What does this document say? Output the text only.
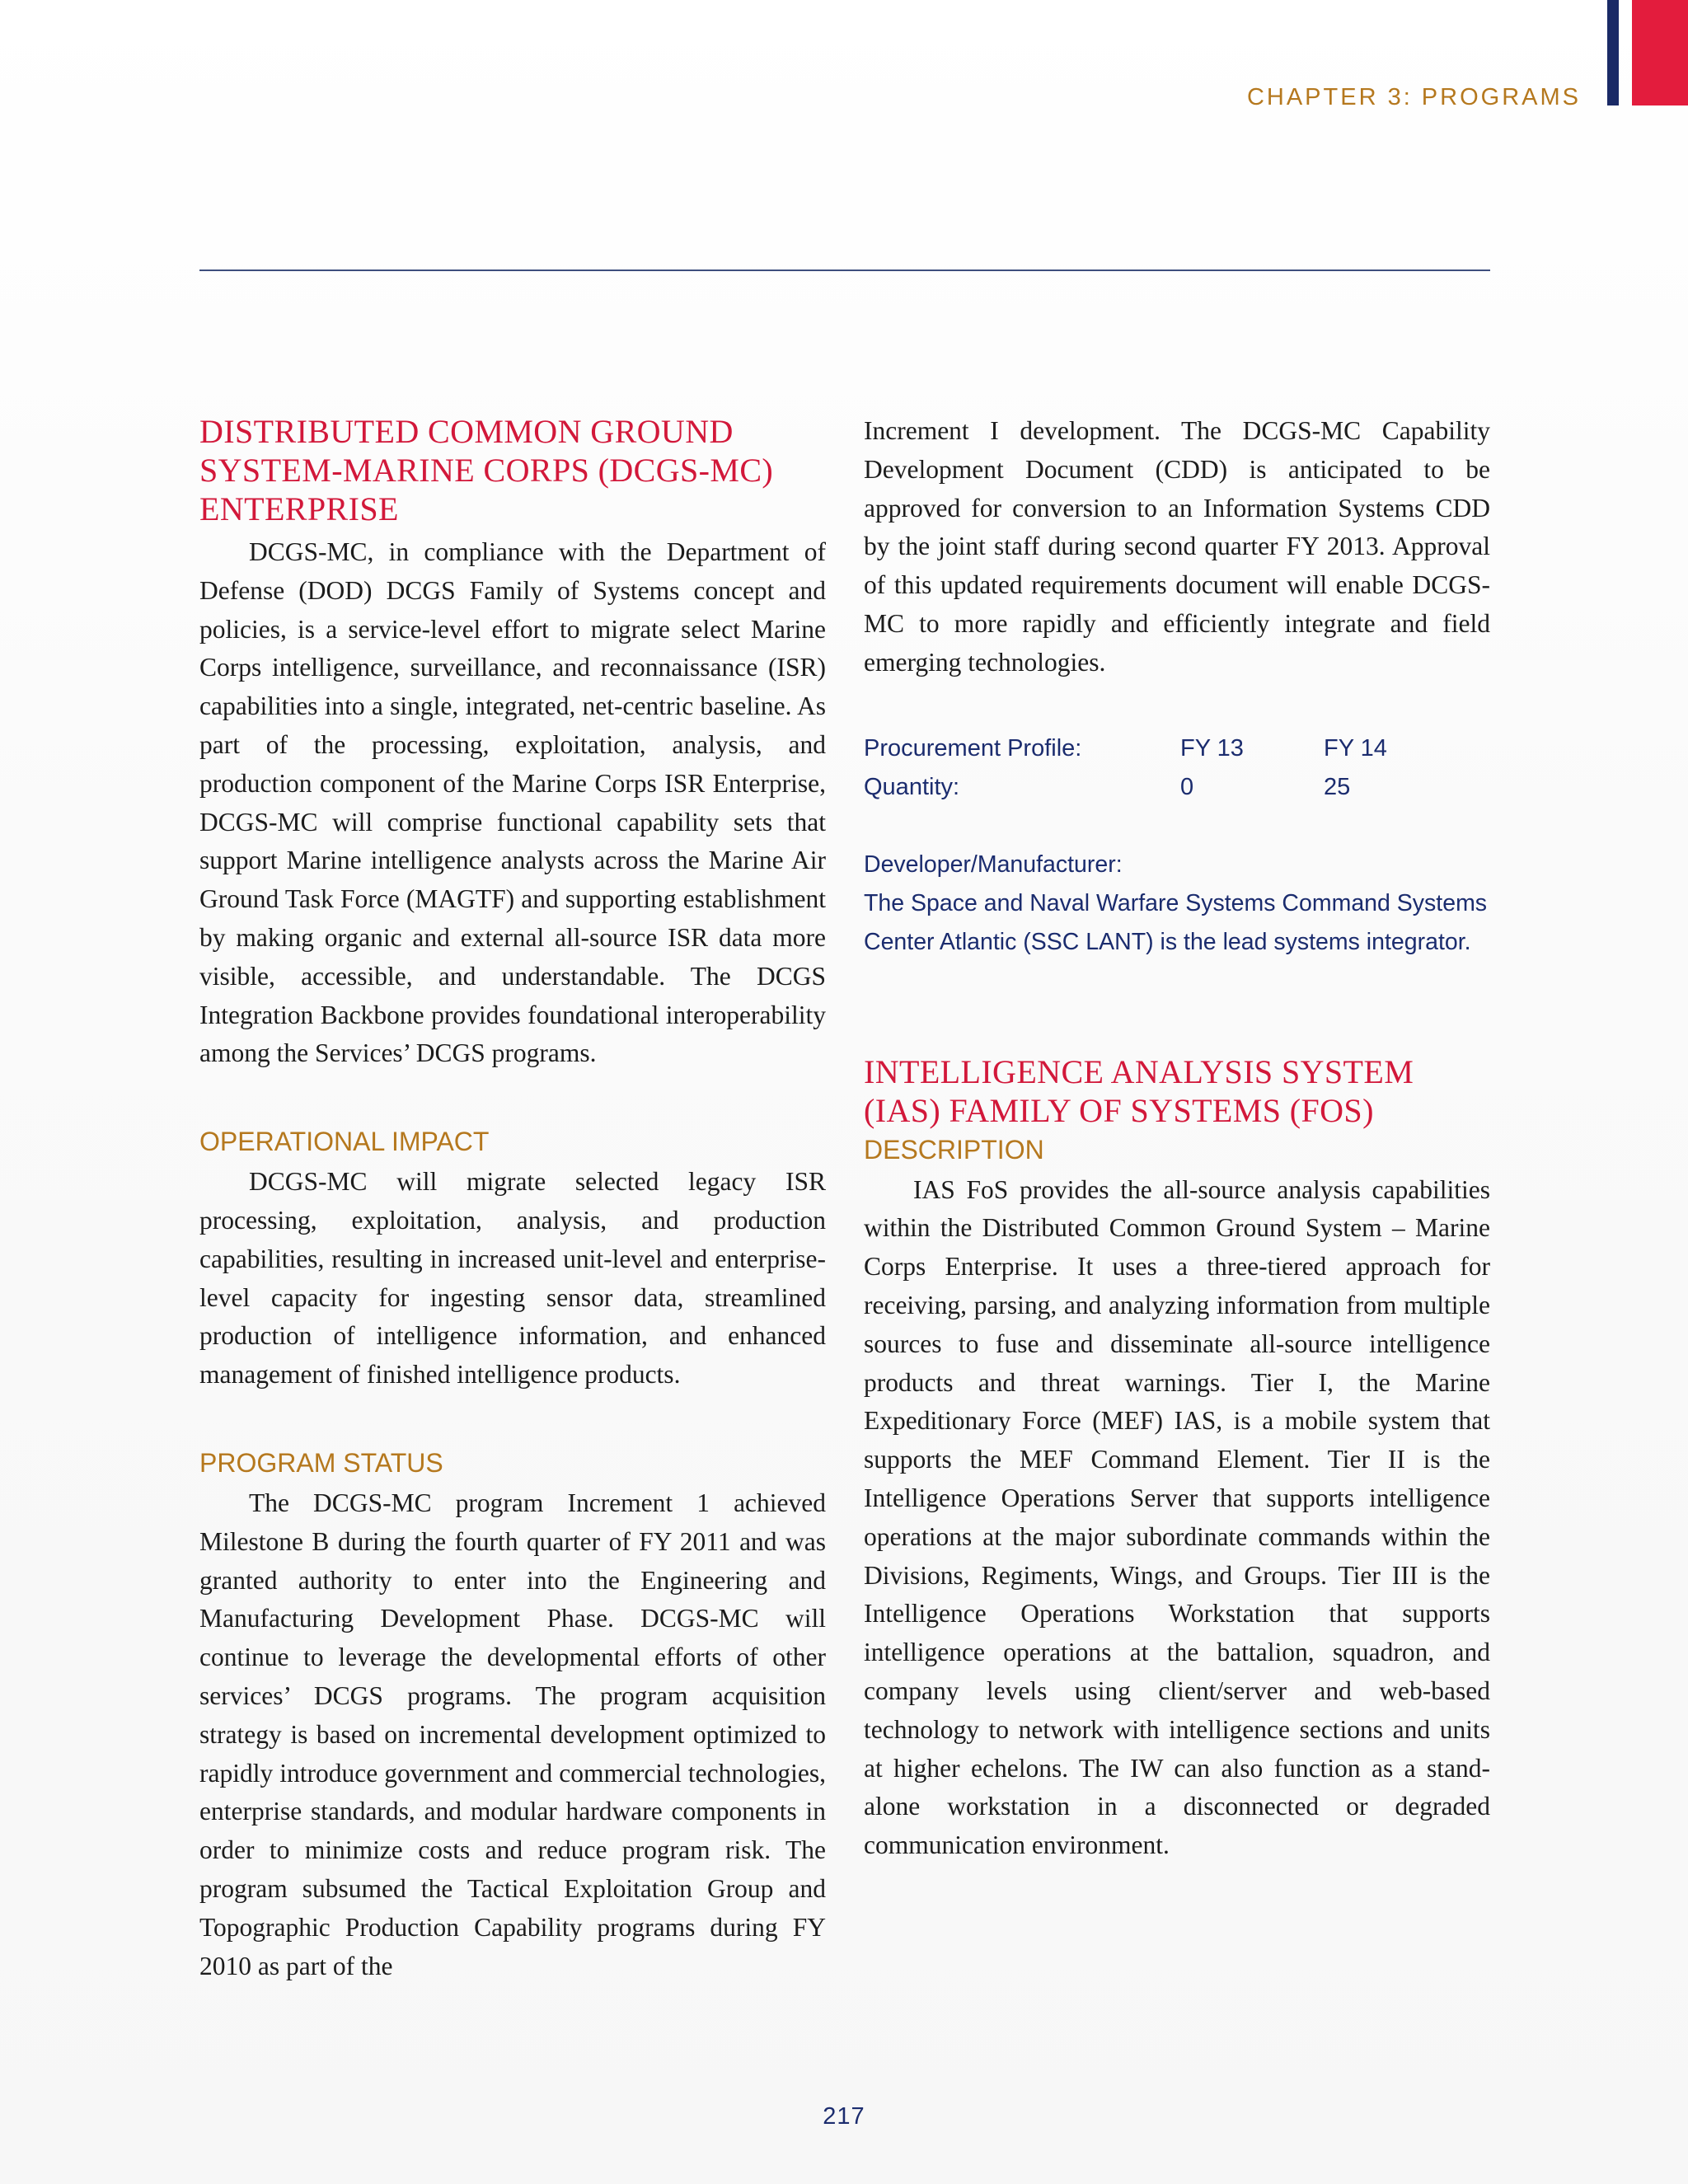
CHAPTER 3: PROGRAMS
DISTRIBUTED COMMON GROUND SYSTEM-MARINE CORPS (DCGS-MC) ENTERPRISE

DCGS-MC, in compliance with the Department of Defense (DOD) DCGS Family of Systems concept and policies, is a service-level effort to migrate select Marine Corps intelligence, surveillance, and reconnaissance (ISR) capabilities into a single, integrated, net-centric baseline. As part of the processing, exploitation, analysis, and production component of the Marine Corps ISR Enterprise, DCGS-MC will comprise functional capability sets that support Marine intelligence analysts across the Marine Air Ground Task Force (MAGTF) and supporting establishment by making organic and external all-source ISR data more visible, accessible, and understandable. The DCGS Integration Backbone provides foundational interoperability among the Services’ DCGS programs.

OPERATIONAL IMPACT

DCGS-MC will migrate selected legacy ISR processing, exploitation, analysis, and production capabilities, resulting in increased unit-level and enterprise-level capacity for ingesting sensor data, streamlined production of intelligence information, and enhanced management of finished intelligence products.

PROGRAM STATUS

The DCGS-MC program Increment 1 achieved Milestone B during the fourth quarter of FY 2011 and was granted authority to enter into the Engineering and Manufacturing Development Phase. DCGS-MC will continue to leverage the developmental efforts of other services’ DCGS programs. The program acquisition strategy is based on incremental development optimized to rapidly introduce government and commercial technologies, enterprise standards, and modular hardware components in order to minimize costs and reduce program risk. The program subsumed the Tactical Exploitation Group and Topographic Production Capability programs during FY 2010 as part of the

Increment I development. The DCGS-MC Capability Development Document (CDD) is anticipated to be approved for conversion to an Information Systems CDD by the joint staff during second quarter FY 2013. Approval of this updated requirements document will enable DCGS-MC to more rapidly and efficiently integrate and field emerging technologies.

Procurement Profile:	FY 13	FY 14
Quantity:	0	25
Developer/Manufacturer:
The Space and Naval Warfare Systems Command Systems Center Atlantic (SSC LANT) is the lead systems integrator.
INTELLIGENCE ANALYSIS SYSTEM (IAS) FAMILY OF SYSTEMS (FOS)
DESCRIPTION

IAS FoS provides the all-source analysis capabilities within the Distributed Common Ground System – Marine Corps Enterprise. It uses a three-tiered approach for receiving, parsing, and analyzing information from multiple sources to fuse and disseminate all-source intelligence products and threat warnings. Tier I, the Marine Expeditionary Force (MEF) IAS, is a mobile system that supports the MEF Command Element. Tier II is the Intelligence Operations Server that supports intelligence operations at the major subordinate commands within the Divisions, Regiments, Wings, and Groups. Tier III is the Intelligence Operations Workstation that supports intelligence operations at the battalion, squadron, and company levels using client/server and web-based technology to network with intelligence sections and units at higher echelons. The IW can also function as a stand-alone workstation in a disconnected or degraded communication environment.

217
